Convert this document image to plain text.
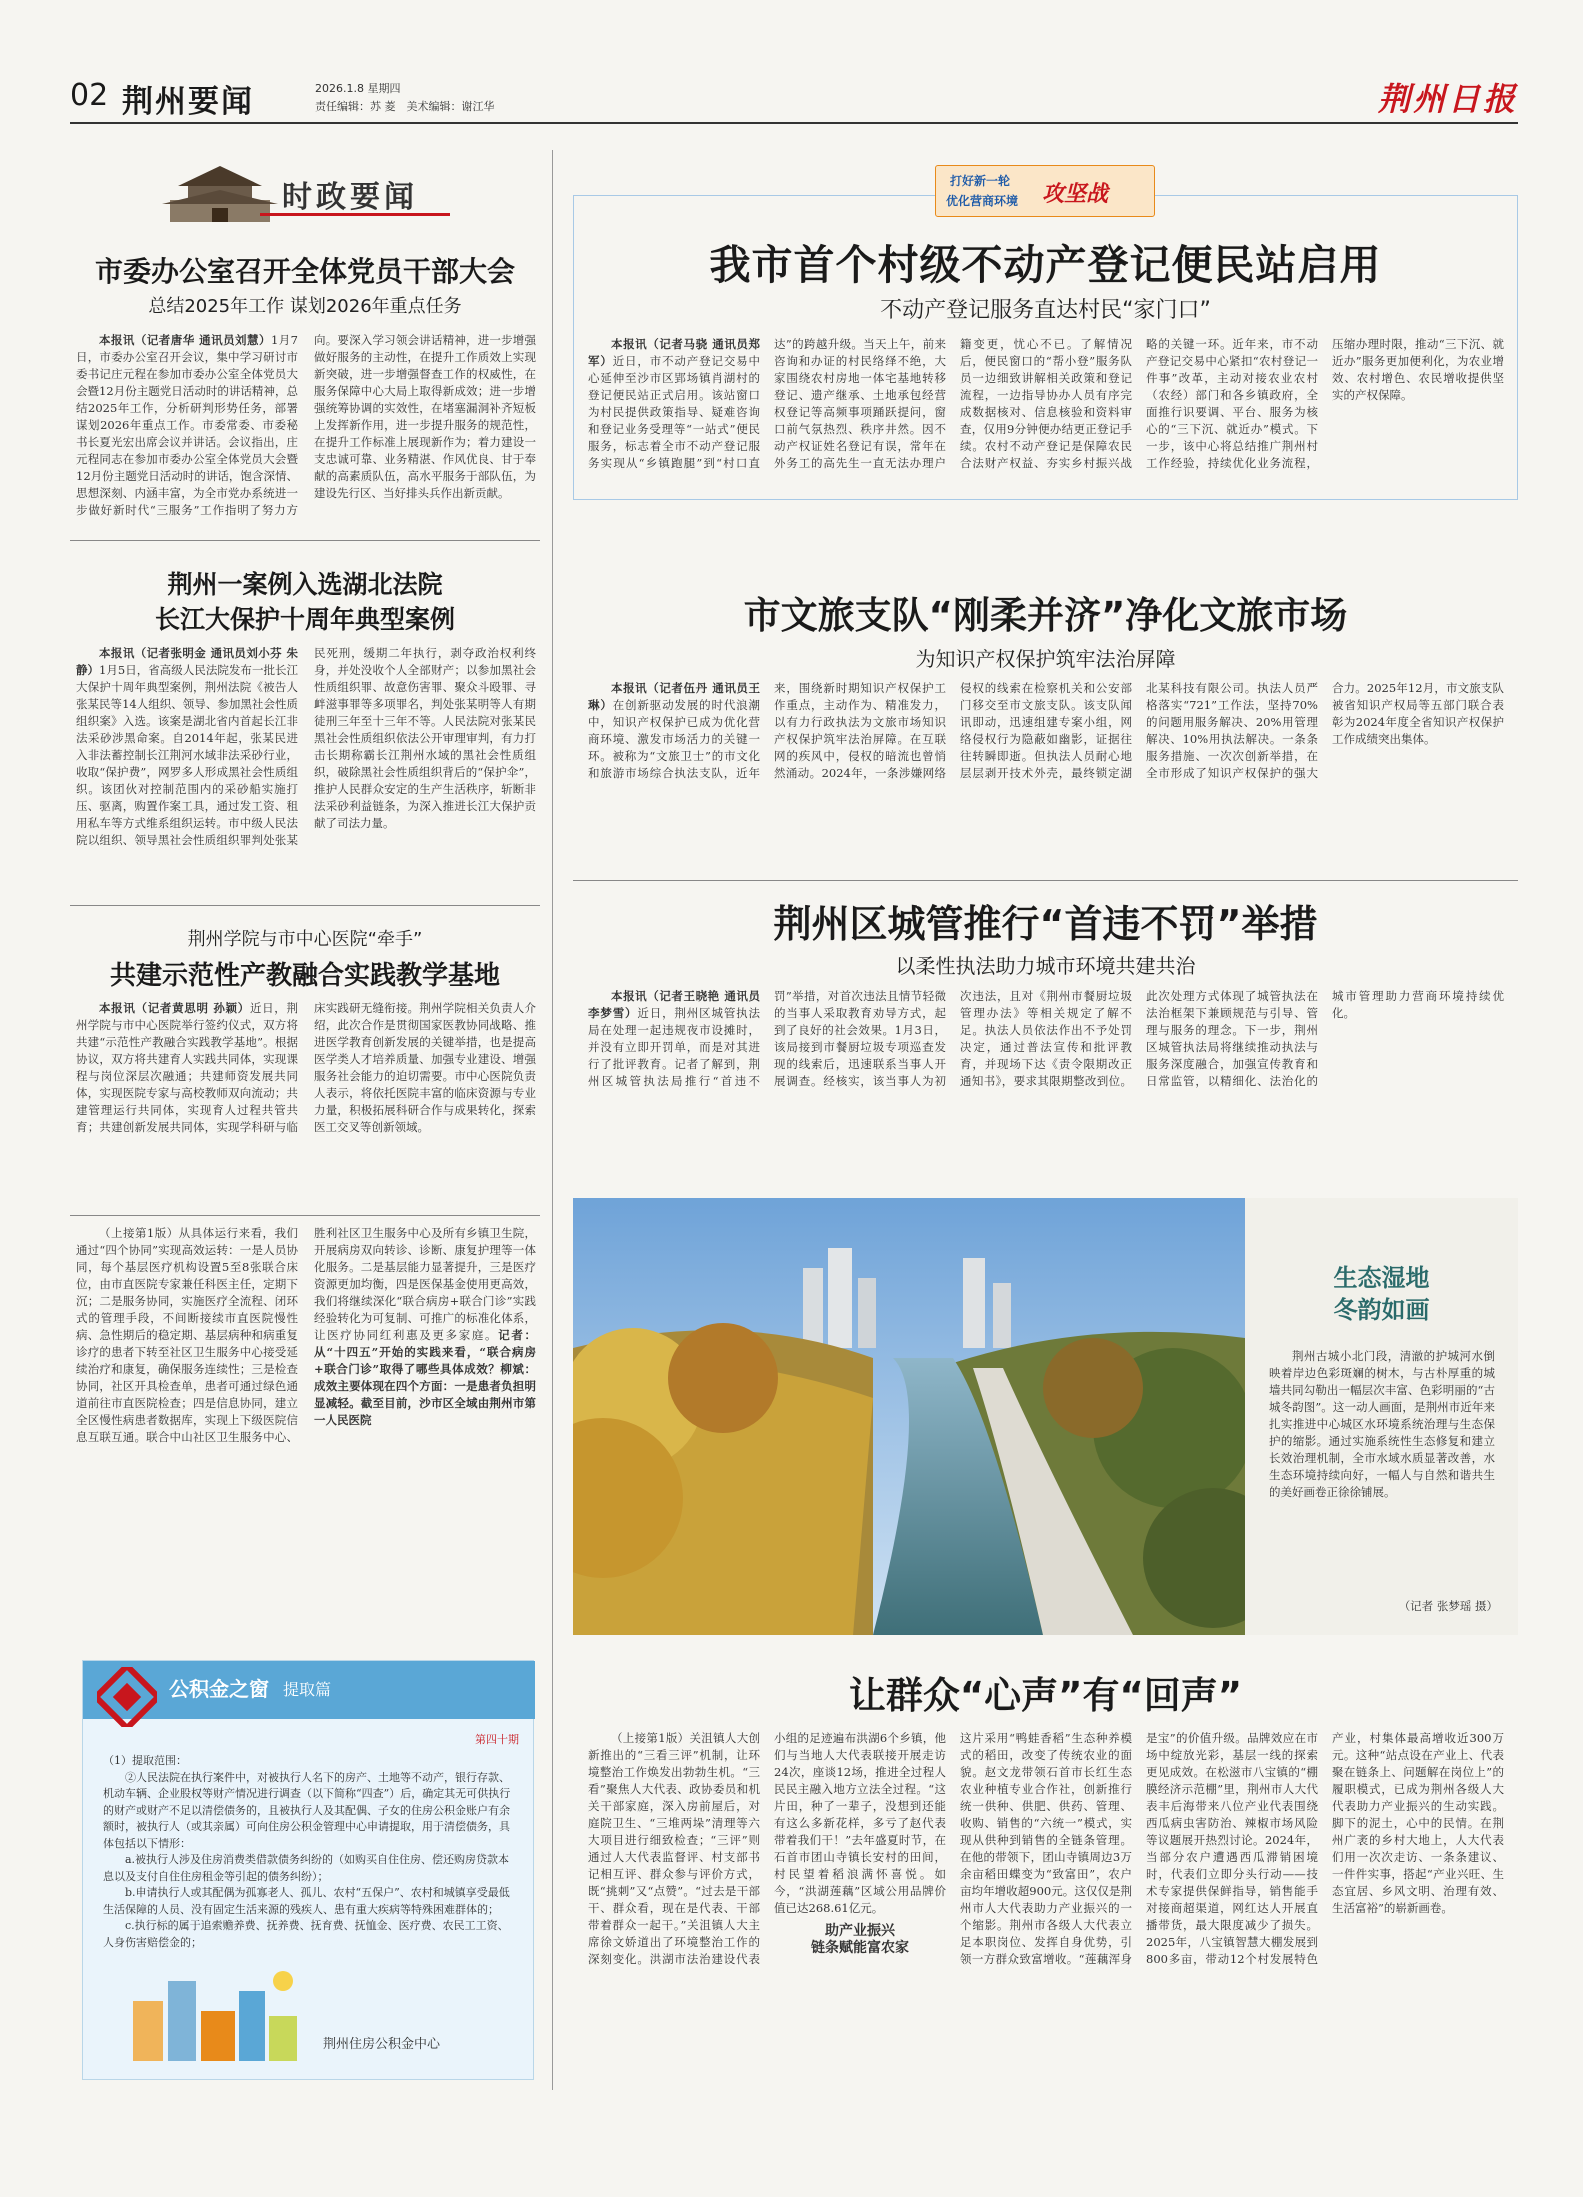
02 荆州要闻	2026.1.8 星期四
责任编辑：苏 菱　美术编辑：谢江华	荆州日报
时政要闻
市委办公室召开全体党员干部大会
总结2025年工作 谋划2026年重点任务
本报讯（记者唐华 通讯员刘慧）1月7日，市委办公室召开会议，集中学习研讨市委书记庄元程在参加市委办公室全体党员大会暨12月份主题党日活动时的讲话精神，总结2025年工作，分析研判形势任务，部署谋划2026年重点工作。市委常委、市委秘书长夏光宏出席会议并讲话。会议指出，庄元程同志在参加市委办公室全体党员大会暨12月份主题党日活动时的讲话，饱含深情、思想深刻、内涵丰富，为全市党办系统进一步做好新时代“三服务”工作指明了努力方向。要深入学习领会讲话精神，进一步增强做好服务的主动性，在提升工作质效上实现新突破，进一步增强督查工作的权威性，在服务保障中心大局上取得新成效；进一步增强统筹协调的实效性，在堵塞漏洞补齐短板上发挥新作用，进一步提升服务的规范性，在提升工作标准上展现新作为；着力建设一支忠诚可靠、业务精湛、作风优良、甘于奉献的高素质队伍，高水平服务于部队伍，为建设先行区、当好排头兵作出新贡献。
荆州一案例入选湖北法院
长江大保护十周年典型案例
本报讯（记者张明金 通讯员刘小芬 朱静）1月5日，省高级人民法院发布一批长江大保护十周年典型案例，荆州法院《被告人张某民等14人组织、领导、参加黑社会性质组织案》入选。该案是湖北省内首起长江非法采砂涉黑命案。自2014年起，张某民进入非法蓄控制长江荆河水域非法采砂行业，收取“保护费”，网罗多人形成黑社会性质组织。该团伙对控制范围内的采砂船实施打压、驱离，购置作案工具，通过发工资、租用私车等方式维系组织运转。市中级人民法院以组织、领导黑社会性质组织罪判处张某民死刑，缓期二年执行，剥夺政治权利终身，并处没收个人全部财产；以参加黑社会性质组织罪、故意伤害罪、聚众斗殴罪、寻衅滋事罪等多项罪名，判处张某明等人有期徒刑三年至十三年不等。人民法院对张某民黑社会性质组织依法公开审理审判，有力打击长期称霸长江荆州水域的黑社会性质组织，破除黑社会性质组织背后的“保护伞”，推护人民群众安定的生产生活秩序，斩断非法采砂利益链条，为深入推进长江大保护贡献了司法力量。
荆州学院与市中心医院“牵手”
共建示范性产教融合实践教学基地
本报讯（记者黄思明 孙颖）近日，荆州学院与市中心医院举行签约仪式，双方将共建“示范性产教融合实践教学基地”。根据协议，双方将共建育人实践共同体，实现课程与岗位深层次融通；共建师资发展共同体，实现医院专家与高校教师双向流动；共建管理运行共同体，实现育人过程共管共育；共建创新发展共同体，实现学科研与临床实践研无缝衔接。荆州学院相关负责人介绍，此次合作是贯彻国家医教协同战略、推进医学教育创新发展的关键举措，也是提高医学类人才培养质量、加强专业建设、增强服务社会能力的迫切需要。市中心医院负责人表示，将依托医院丰富的临床资源与专业力量，积极拓展科研合作与成果转化，探索医工交叉等创新领域。
（上接第1版）从具体运行来看，我们通过“四个协同”实现高效运转：一是人员协同，每个基层医疗机构设置5至8张联合床位，由市直医院专家兼任科医主任，定期下沉；二是服务协同，实施医疗全流程、闭环式的管理手段，不间断接续市直医院慢性病、急性期后的稳定期、基层病种和病重复诊疗的患者下转至社区卫生服务中心接受延续治疗和康复，确保服务连续性；三是检查协同，社区开具检查单，患者可通过绿色通道前往市直医院检查；四是信息协同，建立全区慢性病患者数据库，实现上下级医院信息互联互通。联合中山社区卫生服务中心、胜利社区卫生服务中心及所有乡镇卫生院，开展病房双向转诊、诊断、康复护理等一体化服务。二是基层能力显著提升，三是医疗资源更加均衡，四是医保基金使用更高效，我们将继续深化“联合病房+联合门诊”实践经验转化为可复制、可推广的标准化体系，让医疗协同红利惠及更多家庭。记者：从“十四五”开始的实践来看，“联合病房+联合门诊”取得了哪些具体成效？柳斌：成效主要体现在四个方面：一是患者负担明显减轻。截至目前，沙市区全域由荆州市第一人民医院
公积金之窗 提取篇
第四十期
（1）提取范围：
②人民法院在执行案件中，对被执行人名下的房产、土地等不动产，银行存款、机动车辆、企业股权等财产情况进行调查（以下简称“四查”）后，确定其无可供执行的财产或财产不足以清偿债务的，且被执行人及其配偶、子女的住房公积金账户有余额时，被执行人（或其亲属）可向住房公积金管理中心申请提取，用于清偿债务，具体包括以下情形：
a.被执行人涉及住房消费类借款债务纠纷的（如购买自住住房、偿还购房贷款本息以及支付自住住房租金等引起的债务纠纷）；
b.申请执行人或其配偶为孤寡老人、孤儿、农村“五保户”、农村和城镇享受最低生活保障的人员、没有固定生活来源的残疾人、患有重大疾病等特殊困难群体的；
c.执行标的属于追索赡养费、抚养费、抚育费、抚恤金、医疗费、农民工工资、人身伤害赔偿金的；
荆州住房公积金中心
打好新一轮
优化营商环境 攻坚战
我市首个村级不动产登记便民站启用
不动产登记服务直达村民“家门口”
本报讯（记者马骁 通讯员郑军）近日，市不动产登记交易中心延伸至沙市区郢场镇肖湖村的登记便民站正式启用。该站窗口为村民提供政策指导、疑难咨询和登记业务受理等“一站式”便民服务，标志着全市不动产登记服务实现从“乡镇跑腿”到“村口直达”的跨越升级。当天上午，前来咨询和办证的村民络绎不绝，大家围绕农村房地一体宅基地转移登记、遗产继承、土地承包经营权登记等高频事项踊跃提问，窗口前气氛热烈、秩序井然。因不动产权证姓名登记有误，常年在外务工的高先生一直无法办理户籍变更，忧心不已。了解情况后，便民窗口的“帮小登”服务队员一边细致讲解相关政策和登记流程，一边指导协办人员有序完成数据核对、信息核验和资料审查，仅用9分钟便办结更正登记手续。农村不动产登记是保障农民合法财产权益、夯实乡村振兴战略的关键一环。近年来，市不动产登记交易中心紧扣“农村登记一件事”改革，主动对接农业农村（农经）部门和各乡镇政府，全面推行识要调、平台、服务为核心的“三下沉、就近办”模式。下一步，该中心将总结推广荆州村工作经验，持续优化业务流程，压缩办理时限，推动“三下沉、就近办”服务更加便利化，为农业增效、农村增色、农民增收提供坚实的产权保障。
市文旅支队“刚柔并济”净化文旅市场
为知识产权保护筑牢法治屏障
本报讯（记者伍丹 通讯员王琳）在创新驱动发展的时代浪潮中，知识产权保护已成为优化营商环境、激发市场活力的关键一环。被称为“文旅卫士”的市文化和旅游市场综合执法支队，近年来，围绕新时期知识产权保护工作重点，主动作为、精准发力，以有力行政执法为文旅市场知识产权保护筑牢法治屏障。在互联网的疾风中，侵权的暗流也曾悄然涌动。2024年，一条涉嫌网络侵权的线索在检察机关和公安部门移交至市文旅支队。该支队闻讯即动，迅速组建专案小组，网络侵权行为隐蔽如幽影，证据往往转瞬即逝。但执法人员耐心地层层剥开技术外壳，最终锁定湖北某科技有限公司。执法人员严格落实“721”工作法，坚持70%的问题用服务解决、20%用管理解决、10%用执法解决。一条条服务措施、一次次创新举措，在全市形成了知识产权保护的强大合力。2025年12月，市文旅支队被省知识产权局等五部门联合表彰为2024年度全省知识产权保护工作成绩突出集体。
荆州区城管推行“首违不罚”举措
以柔性执法助力城市环境共建共治
本报讯（记者王晓艳 通讯员李梦雪）近日，荆州区城管执法局在处理一起违规夜市设摊时，并没有立即开罚单，而是对其进行了批评教育。记者了解到，荆州区城管执法局推行“首违不罚”举措，对首次违法且情节轻微的当事人采取教育劝导方式，起到了良好的社会效果。1月3日，该局接到市餐厨垃圾专项巡查发现的线索后，迅速联系当事人开展调查。经核实，该当事人为初次违法，且对《荆州市餐厨垃圾管理办法》等相关规定了解不足。执法人员依法作出不予处罚决定，通过普法宣传和批评教育，并现场下达《责令限期改正通知书》，要求其限期整改到位。此次处理方式体现了城管执法在法治框架下兼顾规范与引导、管理与服务的理念。下一步，荆州区城管执法局将继续推动执法与服务深度融合，加强宣传教育和日常监管，以精细化、法治化的城市管理助力营商环境持续优化。
生态湿地
冬韵如画
荆州古城小北门段，清澈的护城河水倒映着岸边色彩斑斓的树木，与古朴厚重的城墙共同勾勒出一幅层次丰富、色彩明丽的“古城冬韵图”。这一动人画面，是荆州市近年来扎实推进中心城区水环境系统治理与生态保护的缩影。通过实施系统性生态修复和建立长效治理机制，全市水域水质显著改善，水生态环境持续向好，一幅人与自然和谐共生的美好画卷正徐徐铺展。
（记者 张梦瑶 摄）
让群众“心声”有“回声”
（上接第1版）关沮镇人大创新推出的“三看三评”机制，让环境整治工作焕发出勃勃生机。“三看”聚焦人大代表、政协委员和机关干部家庭，深入房前屋后，对庭院卫生、“三堆两垛”清理等六大项目进行细致检查；“三评”则通过人大代表监督评、村支部书记相互评、群众参与评价方式，既“挑刺”又“点赞”。“过去是干部干、群众看，现在是代表、干部带着群众一起干。”关沮镇人大主席徐文娇道出了环境整治工作的深刻变化。洪湖市法治建设代表小组的足迹遍布洪湖6个乡镇，他们与当地人大代表联接开展走访24次，座谈12场，推进全过程人民民主融入地方立法全过程。“这片田，种了一辈子，没想到还能有这么多新花样，多亏了赵代表带着我们干！”去年盛夏时节，在石首市团山寺镇长安村的田间，村民望着稻浪满怀喜悦。如今，“洪湖莲藕”区域公用品牌价值已达268.61亿元。
助产业振兴
链条赋能富农家
这片采用“鸭蛙香稻”生态种养模式的稻田，改变了传统农业的面貌。赵文龙带领石首市长红生态农业种植专业合作社，创新推行统一供种、供肥、供药、管理、收购、销售的“六统一”模式，实现从供种到销售的全链条管理。在他的带领下，团山寺镇周边3万余亩稻田蝶变为“致富田”，农户亩均年增收超900元。这仅仅是荆州市人大代表助力产业振兴的一个缩影。荆州市各级人大代表立足本职岗位、发挥自身优势，引领一方群众致富增收。“莲藕浑身是宝”的价值升级。品牌效应在市场中绽放光彩，基层一线的探索更见成效。在松滋市八宝镇的“棚膜经济示范棚”里，荆州市人大代表丰后海带来八位产业代表围绕西瓜病虫害防治、辣椒市场风险等议题展开热烈讨论。2024年，当部分农户遭遇西瓜滞销困境时，代表们立即分头行动——技术专家提供保鲜指导，销售能手对接商超渠道，网红达人开展直播带货，最大限度减少了损失。2025年，八宝镇智慧大棚发展到800多亩，带动12个村发展特色产业，村集体最高增收近300万元。这种“站点设在产业上、代表聚在链条上、问题解在岗位上”的履职模式，已成为荆州各级人大代表助力产业振兴的生动实践。脚下的泥土，心中的民情。在荆州广袤的乡村大地上，人大代表们用一次次走访、一条条建议、一件件实事，搭起“产业兴旺、生态宜居、乡风文明、治理有效、生活富裕”的崭新画卷。
